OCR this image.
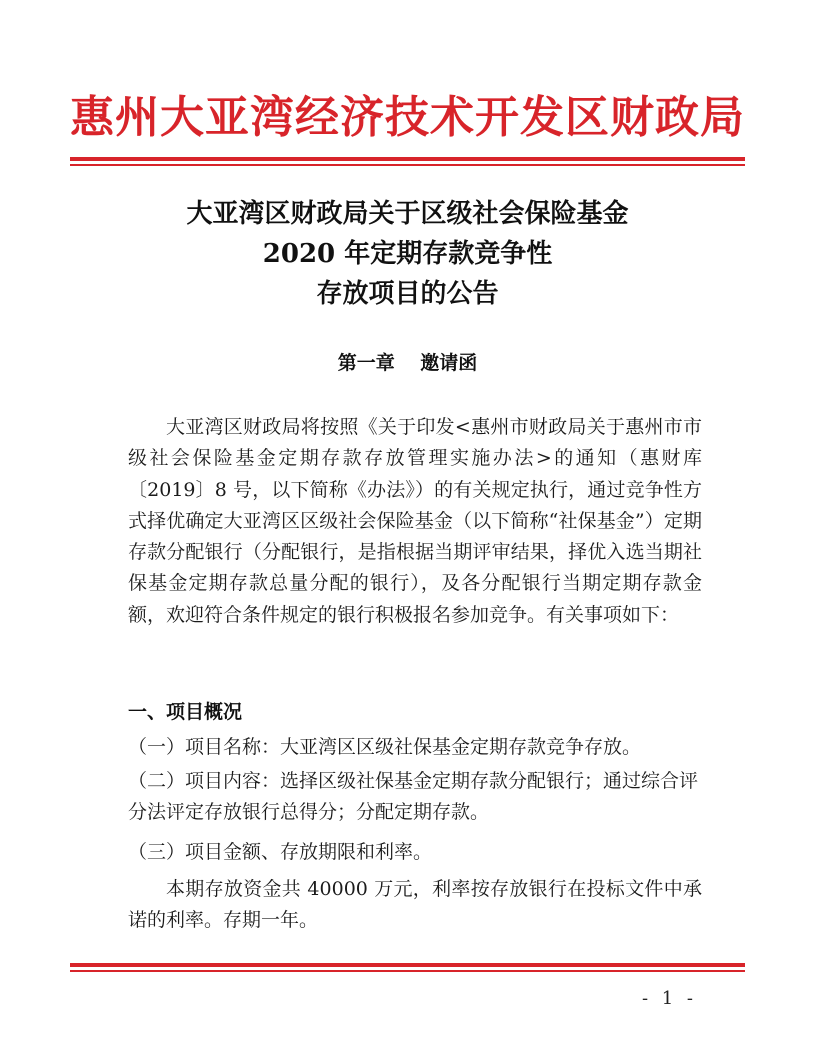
惠州大亚湾经济技术开发区财政局
大亚湾区财政局关于区级社会保险基金
2020 年定期存款竞争性
存放项目的公告
第一章　 邀请函
大亚湾区财政局将按照《关于印发<惠州市财政局关于惠州市市级社会保险基金定期存款存放管理实施办法>的通知（惠财库〔2019〕8 号，以下简称《办法》）的有关规定执行，通过竞争性方式择优确定大亚湾区区级社会保险基金（以下简称“社保基金”）定期存款分配银行（分配银行，是指根据当期评审结果，择优入选当期社保基金定期存款总量分配的银行），及各分配银行当期定期存款金额，欢迎符合条件规定的银行积极报名参加竞争。有关事项如下：
一、项目概况
（一）项目名称：大亚湾区区级社保基金定期存款竞争存放。
（二）项目内容：选择区级社保基金定期存款分配银行；通过综合评分法评定存放银行总得分；分配定期存款。
（三）项目金额、存放期限和利率。
本期存放资金共 40000 万元，利率按存放银行在投标文件中承诺的利率。存期一年。
- 1 -
